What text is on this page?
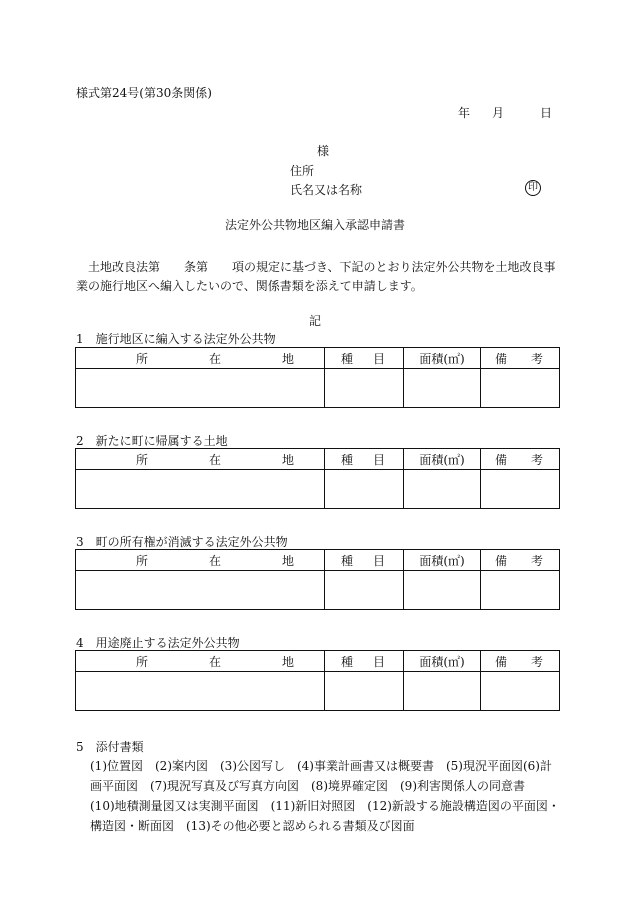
様式第24号(第30条関係)
年 月	日
様
住所
氏名又は名称	印
法定外公共物地区編入承認申請書
土地改良法第　　条第　　項の規定に基づき、下記のとおり法定外公共物を土地改良事
業の施行地区へ編入したいので、関係書類を添えて申請します。
記
1　施行地区に編入する法定外公共物
所 在 地	種 目	面積(㎡)	備 考

2　新たに町に帰属する土地
所 在 地	種 目	面積(㎡)	備 考

3　町の所有権が消滅する法定外公共物
所 在 地	種 目	面積(㎡)	備 考

4　用途廃止する法定外公共物
所 在 地	種 目	面積(㎡)	備 考

5　添付書類
(1)位置図　(2)案内図　(3)公図写し　(4)事業計画書又は概要書　(5)現況平面図(6)計
画平面図　(7)現況写真及び写真方向図　(8)境界確定図　(9)利害関係人の同意書
(10)地積測量図又は実測平面図　(11)新旧対照図　(12)新設する施設構造図の平面図・
構造図・断面図　(13)その他必要と認められる書類及び図面
